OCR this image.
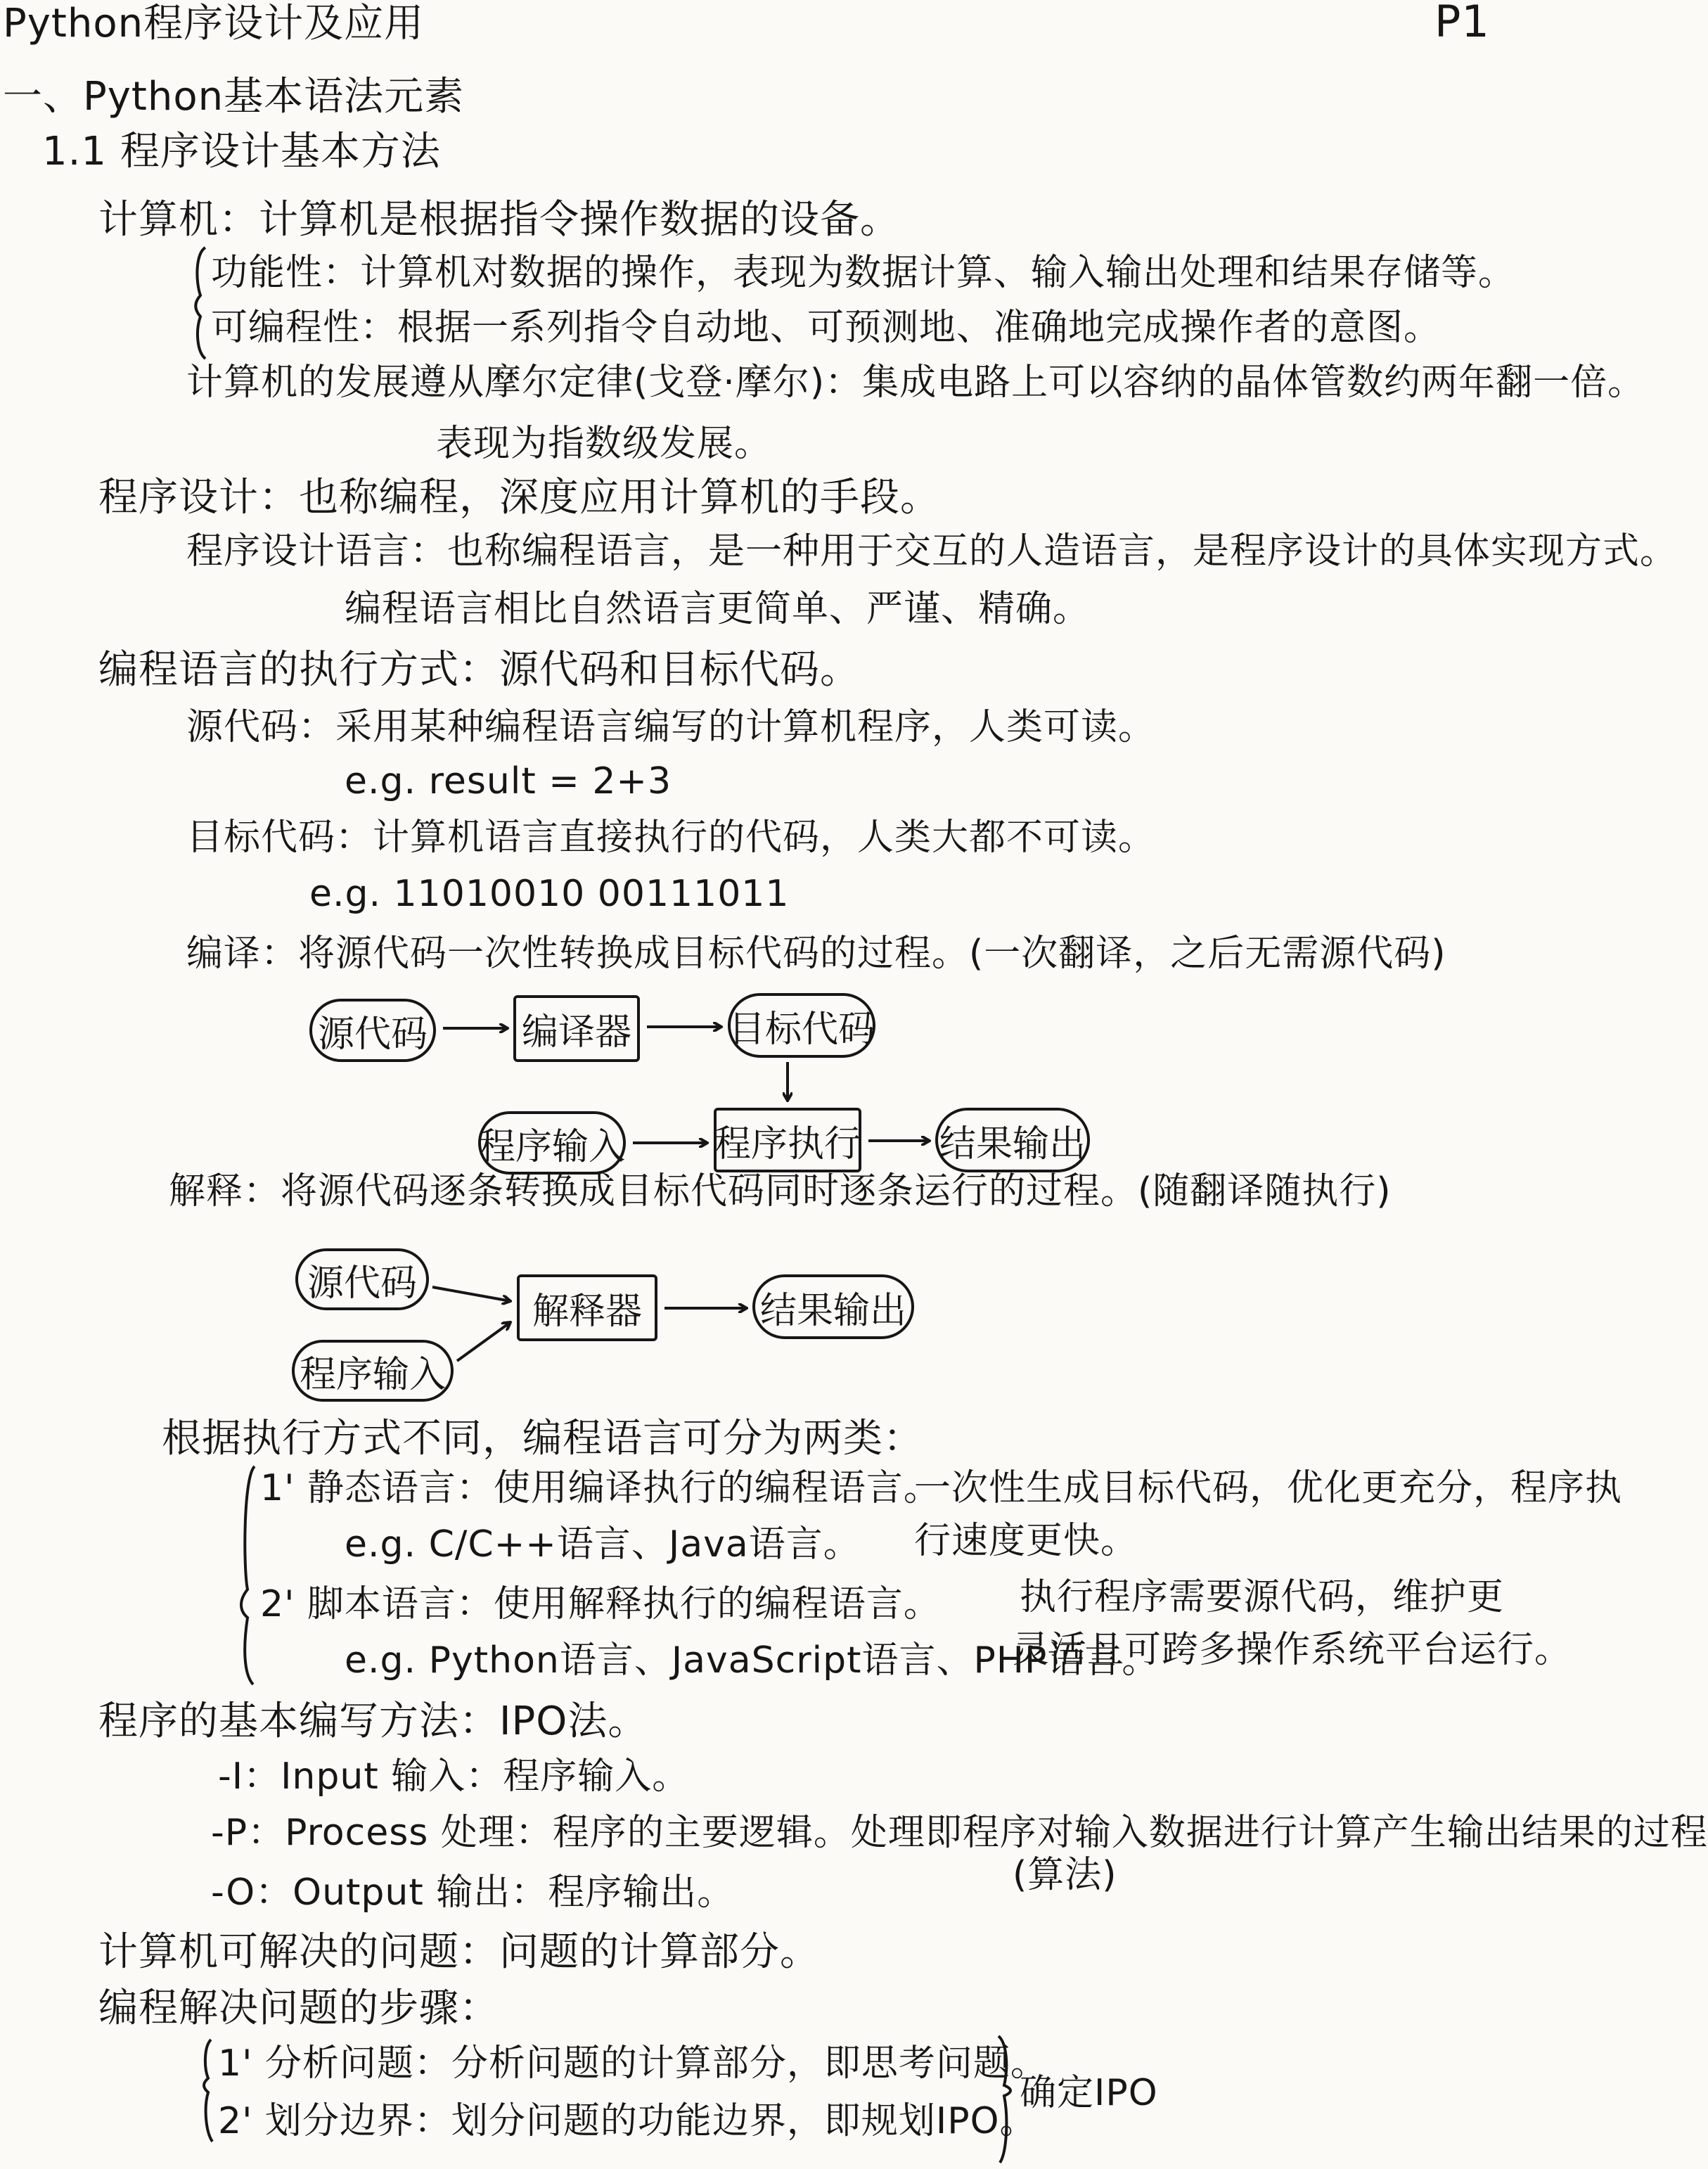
Python程序设计及应用	P1
一、Python基本语法元素
1.1 程序设计基本方法
计算机：计算机是根据指令操作数据的设备。
功能性：计算机对数据的操作，表现为数据计算、输入输出处理和结果存储等。
可编程性：根据一系列指令自动地、可预测地、准确地完成操作者的意图。
计算机的发展遵从摩尔定律(戈登·摩尔)：集成电路上可以容纳的晶体管数约两年翻一倍。
表现为指数级发展。
程序设计：也称编程，深度应用计算机的手段。
程序设计语言：也称编程语言，是一种用于交互的人造语言，是程序设计的具体实现方式。
编程语言相比自然语言更简单、严谨、精确。
编程语言的执行方式：源代码和目标代码。
源代码：采用某种编程语言编写的计算机程序，人类可读。
e.g. result = 2+3
目标代码：计算机语言直接执行的代码，人类大都不可读。
e.g. 11010010 00111011
编译：将源代码一次性转换成目标代码的过程。(一次翻译，之后无需源代码)
源代码	编译器	目标代码
程序输入 程序执行 结果输出
解释：将源代码逐条转换成目标代码同时逐条运行的过程。(随翻译随执行)
源代码
程序输入
解释器	结果输出
根据执行方式不同，编程语言可分为两类：
1' 静态语言：使用编译执行的编程语言。
e.g. C/C++语言、Java语言。
一次性生成目标代码，优化更充分，程序执
行速度更快。
2' 脚本语言：使用解释执行的编程语言。
e.g. Python语言、JavaScript语言、PHP语言。
执行程序需要源代码，维护更
灵活且可跨多操作系统平台运行。
程序的基本编写方法：IPO法。
-I：Input 输入：程序输入。
-P：Process 处理：程序的主要逻辑。处理即程序对输入数据进行计算产生输出结果的过程
(算法)
-O：Output 输出：程序输出。
计算机可解决的问题：问题的计算部分。
编程解决问题的步骤：
1' 分析问题：分析问题的计算部分，即思考问题。
2' 划分边界：划分问题的功能边界，即规划IPO。
确定IPO
